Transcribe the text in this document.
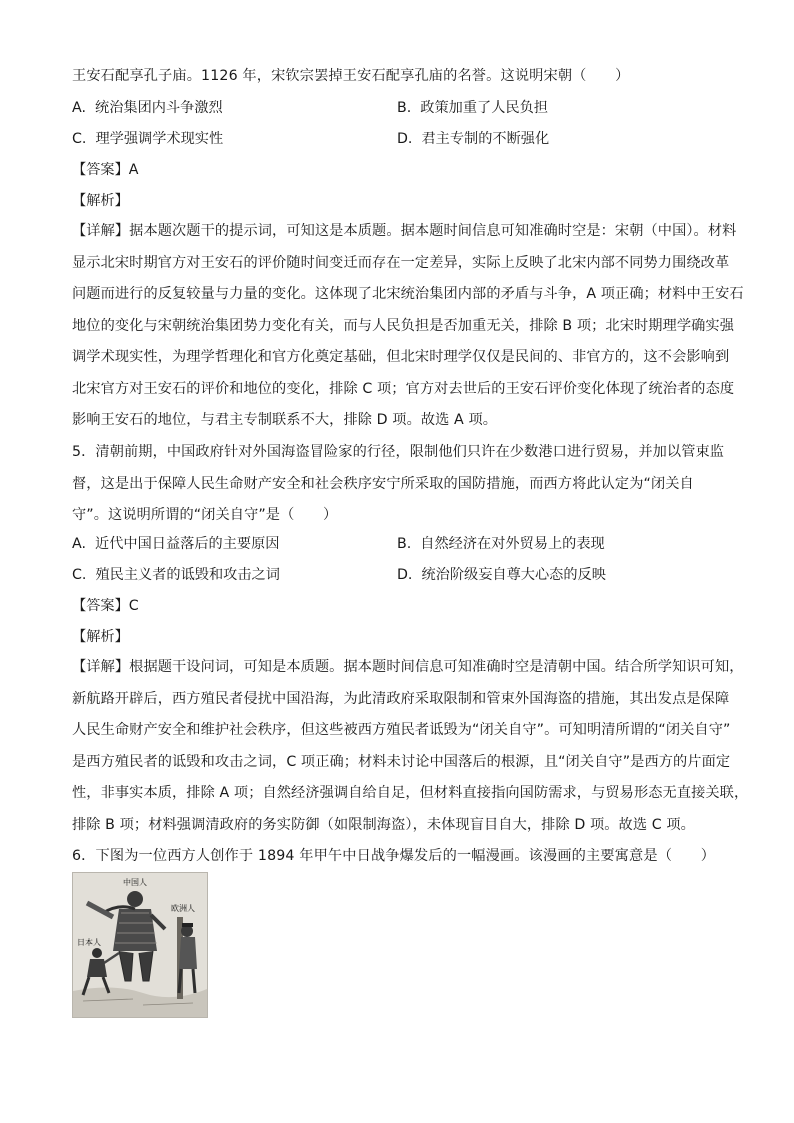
王安石配享孔子庙。1126 年，宋钦宗罢掉王安石配享孔庙的名誉。这说明宋朝（　　）
A. 统治集团内斗争激烈	B. 政策加重了人民负担
C. 理学强调学术现实性	D. 君主专制的不断强化
【答案】A
【解析】
【详解】据本题次题干的提示词，可知这是本质题。据本题时间信息可知准确时空是：宋朝（中国）。材料
显示北宋时期官方对王安石的评价随时间变迁而存在一定差异，实际上反映了北宋内部不同势力围绕改革
问题而进行的反复较量与力量的变化。这体现了北宋统治集团内部的矛盾与斗争，A 项正确；材料中王安石
地位的变化与宋朝统治集团势力变化有关，而与人民负担是否加重无关，排除 B 项；北宋时期理学确实强
调学术现实性，为理学哲理化和官方化奠定基础，但北宋时理学仅仅是民间的、非官方的，这不会影响到
北宋官方对王安石的评价和地位的变化，排除 C 项；官方对去世后的王安石评价变化体现了统治者的态度
影响王安石的地位，与君主专制联系不大，排除 D 项。故选 A 项。
5．清朝前期，中国政府针对外国海盗冒险家的行径，限制他们只许在少数港口进行贸易，并加以管束监
督，这是出于保障人民生命财产安全和社会秩序安宁所采取的国防措施，而西方将此认定为“闭关自
守”。这说明所谓的“闭关自守”是（　　）
A. 近代中国日益落后的主要原因	B. 自然经济在对外贸易上的表现
C. 殖民主义者的诋毁和攻击之词	D. 统治阶级妄自尊大心态的反映
【答案】C
【解析】
【详解】根据题干设问词，可知是本质题。据本题时间信息可知准确时空是清朝中国。结合所学知识可知，
新航路开辟后，西方殖民者侵扰中国沿海，为此清政府采取限制和管束外国海盗的措施，其出发点是保障
人民生命财产安全和维护社会秩序，但这些被西方殖民者诋毁为“闭关自守”。可知明清所谓的“闭关自守”
是西方殖民者的诋毁和攻击之词，C 项正确；材料未讨论中国落后的根源，且“闭关自守”是西方的片面定
性，非事实本质，排除 A 项；自然经济强调自给自足，但材料直接指向国防需求，与贸易形态无直接关联，
排除 B 项；材料强调清政府的务实防御（如限制海盗），未体现盲目自大，排除 D 项。故选 C 项。
6．下图为一位西方人创作于 1894 年甲午中日战争爆发后的一幅漫画。该漫画的主要寓意是（　　）
中国人
欧洲人
日本人
